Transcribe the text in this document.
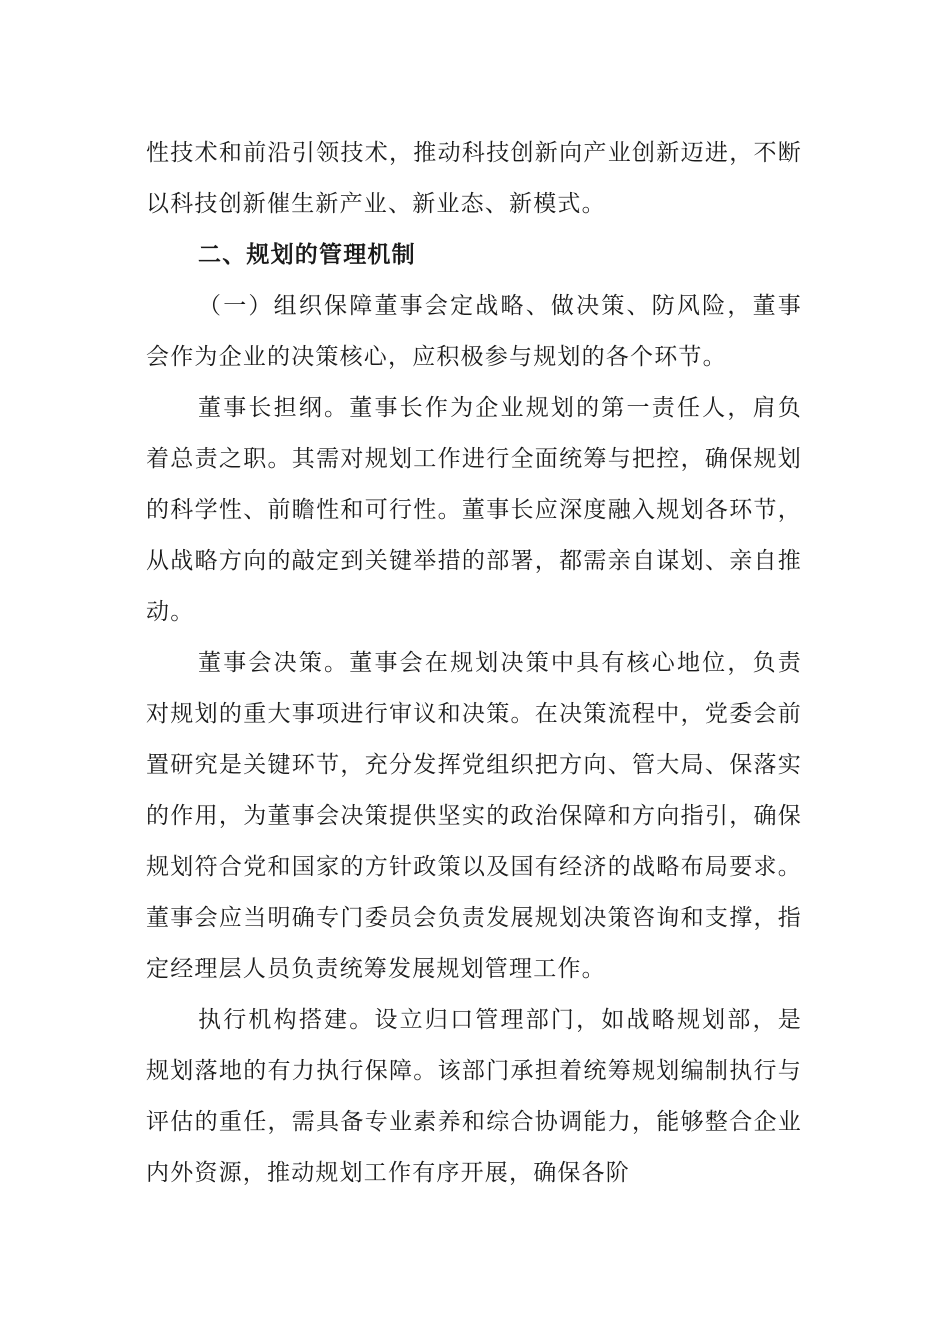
性技术和前沿引领技术，推动科技创新向产业创新迈进，不断以科技创新催生新产业、新业态、新模式。

二、规划的管理机制

（一）组织保障董事会定战略、做决策、防风险，董事会作为企业的决策核心，应积极参与规划的各个环节。

董事长担纲。董事长作为企业规划的第一责任人，肩负着总责之职。其需对规划工作进行全面统筹与把控，确保规划的科学性、前瞻性和可行性。董事长应深度融入规划各环节，从战略方向的敲定到关键举措的部署，都需亲自谋划、亲自推动。

董事会决策。董事会在规划决策中具有核心地位，负责对规划的重大事项进行审议和决策。在决策流程中，党委会前置研究是关键环节，充分发挥党组织把方向、管大局、保落实的作用，为董事会决策提供坚实的政治保障和方向指引，确保规划符合党和国家的方针政策以及国有经济的战略布局要求。董事会应当明确专门委员会负责发展规划决策咨询和支撑，指定经理层人员负责统筹发展规划管理工作。

执行机构搭建。设立归口管理部门，如战略规划部，是规划落地的有力执行保障。该部门承担着统筹规划编制执行与评估的重任，需具备专业素养和综合协调能力，能够整合企业内外资源，推动规划工作有序开展，确保各阶
